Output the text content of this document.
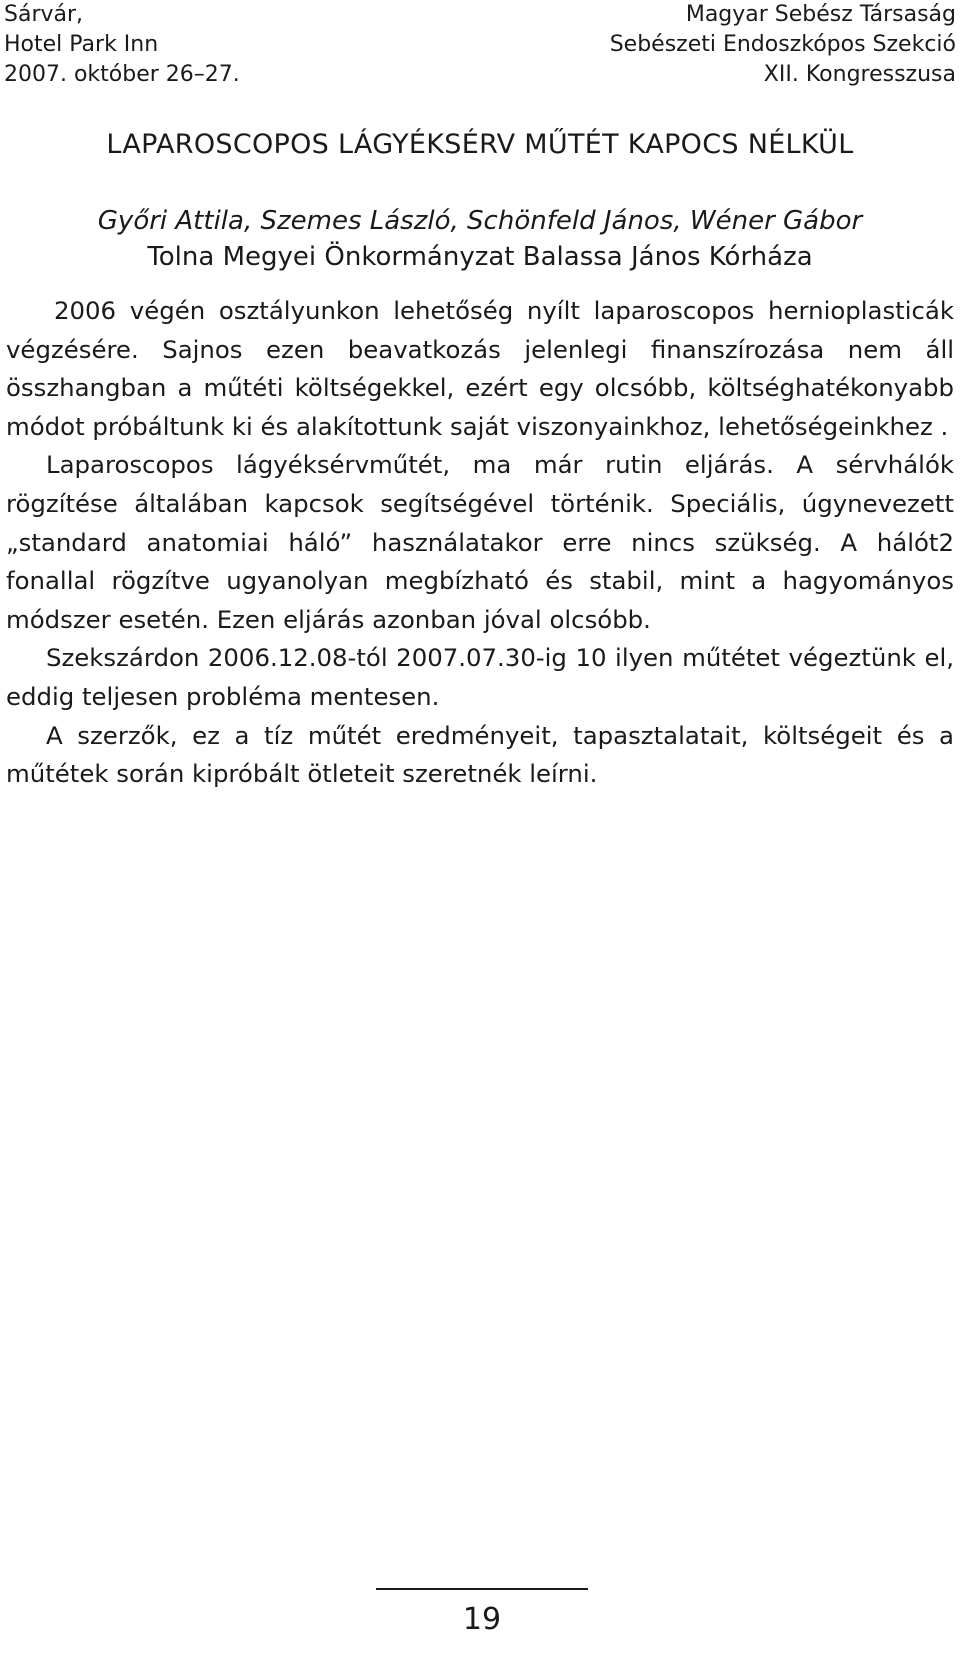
Sárvár,
Hotel Park Inn
2007. október 26–27.
Magyar Sebész Társaság
Sebészeti Endoszkópos Szekció
XII. Kongresszusa
LAPAROSCOPOS LÁGYÉKSÉRV MŰTÉT KAPOCS NÉLKÜL
Győri Attila, Szemes László, Schönfeld János, Wéner Gábor
Tolna Megyei Önkormányzat Balassa János Kórháza

2006 végén osztályunkon lehetőség nyílt laparoscopos hernioplasticák végzésére. Sajnos ezen beavatkozás jelenlegi finanszírozása nem áll összhangban a műtéti költségekkel, ezért egy olcsóbb, költséghatékonyabb módot próbáltunk ki és alakítottunk saját viszonyainkhoz, lehetőségeinkhez .

Laparoscopos lágyéksérvműtét, ma már rutin eljárás. A sérvhálók rögzítése általában kapcsok segítségével történik. Speciális, úgynevezett „standard anatomiai háló” használatakor erre nincs szükség. A hálót2 fonallal rögzítve ugyanolyan megbízható és stabil, mint a hagyományos módszer esetén. Ezen eljárás azonban jóval olcsóbb.

Szekszárdon 2006.12.08-tól 2007.07.30-ig 10 ilyen műtétet végeztünk el, eddig teljesen probléma mentesen.

A szerzők, ez a tíz műtét eredményeit, tapasztalatait, költségeit és a műtétek során kipróbált ötleteit szeretnék leírni.

19
